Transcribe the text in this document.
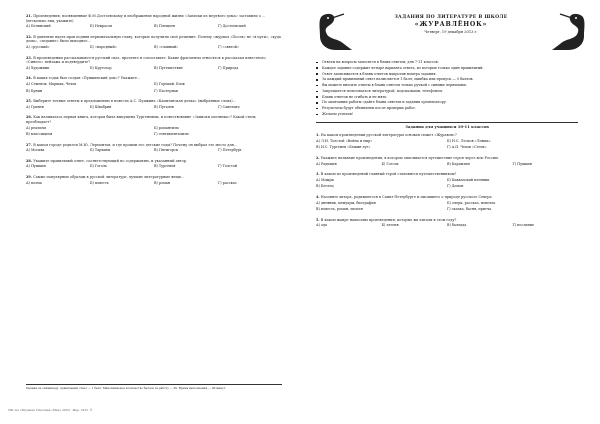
21. Произведения, посвященные Ф.М.Достоевскому и изображение народной жизни «Записки из мертвого дома» заставили о … (несколько лиц, укажите)
А) Белинский	Б) Некрасов	В) Плещеев	Г) Достоевский
22. В давление вдоль прав подняв первоначальную главу, которые получили своё решение: Почему «журнал «Посев» не «в пути», «куда дома», «издание» было выходное…
А) «русский»	Б) «народный»	В) «славный»	Г) «святой»
23. В произведении рассказываются русский сказ, прочтите и сопоставьте. Какие фрагменты относятся к рассказам известного «Синего» пейзажа и подтвердите?
А) Художник	Б) Кругозор	В) Путешествие	Г) Природа
24. В каких годах был создан «Пушкинский дом»? Укажите…
А) Семенов, Маршак, Чехов	Б) Горький, Блок
В) Бунин	Г) Пастернак
25. Выберите точные ответы к предложению в повести А.С. Пушкина «Капитанская дочка» (выбранные слова)…
А) Гринев	Б) Швабрин	В) Пугачев	Г) Савельич
26. Как называлась первая книга, которая была выпущена Тургеневым, и повествование «Записки охотника»? Какой стиль преобладает?
А) реализм	Б) романтизм
В) классицизм	Г) сентиментализм
27. В каком городе родился М.Ю. Лермонтов, и где прошли его детские годы? Почему он выбрал это место для…
А) Москва	Б) Тарханы	В) Пятигорск	Г) Петербург
28. Укажите правильный ответ, соответствующий по содержанию, и указанный автор.
А) Пушкин	Б) Гоголь	В) Тургенев	Г) Толстой
29. Самые популярные образцы в русской литературе, лучшие литературные вещи…
А) поэма	Б) повесть	В) роман	Г) рассказ
Оценка за олимпиаду: правильный ответ — 1 балл. Максимальное количество баллов за работу — 30. Время выполнения — 90 минут.
500 лет «Музыка» Пластика «Мир» 2015г. Жур. 2015. ©
ЗАДАНИЯ ПО ЛИТЕРАТУРЕ В ШКОЛЕ
«ЖУРАВЛЁНОК»
Четверг, 19 декабря 2013 г.
Ответы на вопросы заносятся в бланк ответов; для 7-11 классов.
Каждое задание содержит четыре варианта ответа, из которых только один правильный.
Ответ записывается в бланк ответов напротив номера задания.
За каждый правильный ответ начисляется 1 балл; ошибка или пропуск — 0 баллов.
Вы можете вносить ответы в бланк ответов только ручкой с синими чернилами.
Запрещается пользоваться литературой, подсказками, телефоном.
Бланк ответов не сгибать и не мять.
По окончании работы сдайте бланк ответов и задания организатору.
Результаты будут объявлены после проверки работ.
Желаем успехов!
Задания для учащихся 10-11 классов
1. На каком произведении русской литературы основан сюжет «Журавля»?
А) Л.Н. Толстой «Война и мир»	Б) Н.С. Лесков «Левша»
В) И.С. Тургенев «Бежин луг»	Г) А.П. Чехов «Степь»
2. Укажите название произведения, в котором описывается путешествие героя через всю Россию.
А) Радищев	Б) Гоголь	В) Карамзин	Г) Пушкин
3. В каком из произведений главный герой становится путешественником?
А) Мцыри	Б) Кавказский пленник
В) Беглец	Г) Демон
4. Назовите автора, родившегося в Санкт-Петербурге и писавшего о природе русского Севера.
А) дневник, мемуары, биография	Б) очерк, рассказ, новелла
В) повесть, роман, эпопея	Г) сказка, басня, притча
5. В каком жанре написаны произведения, которые вы читали в этом году?
А) ода	Б) элегия	В) баллада	Г) послание
